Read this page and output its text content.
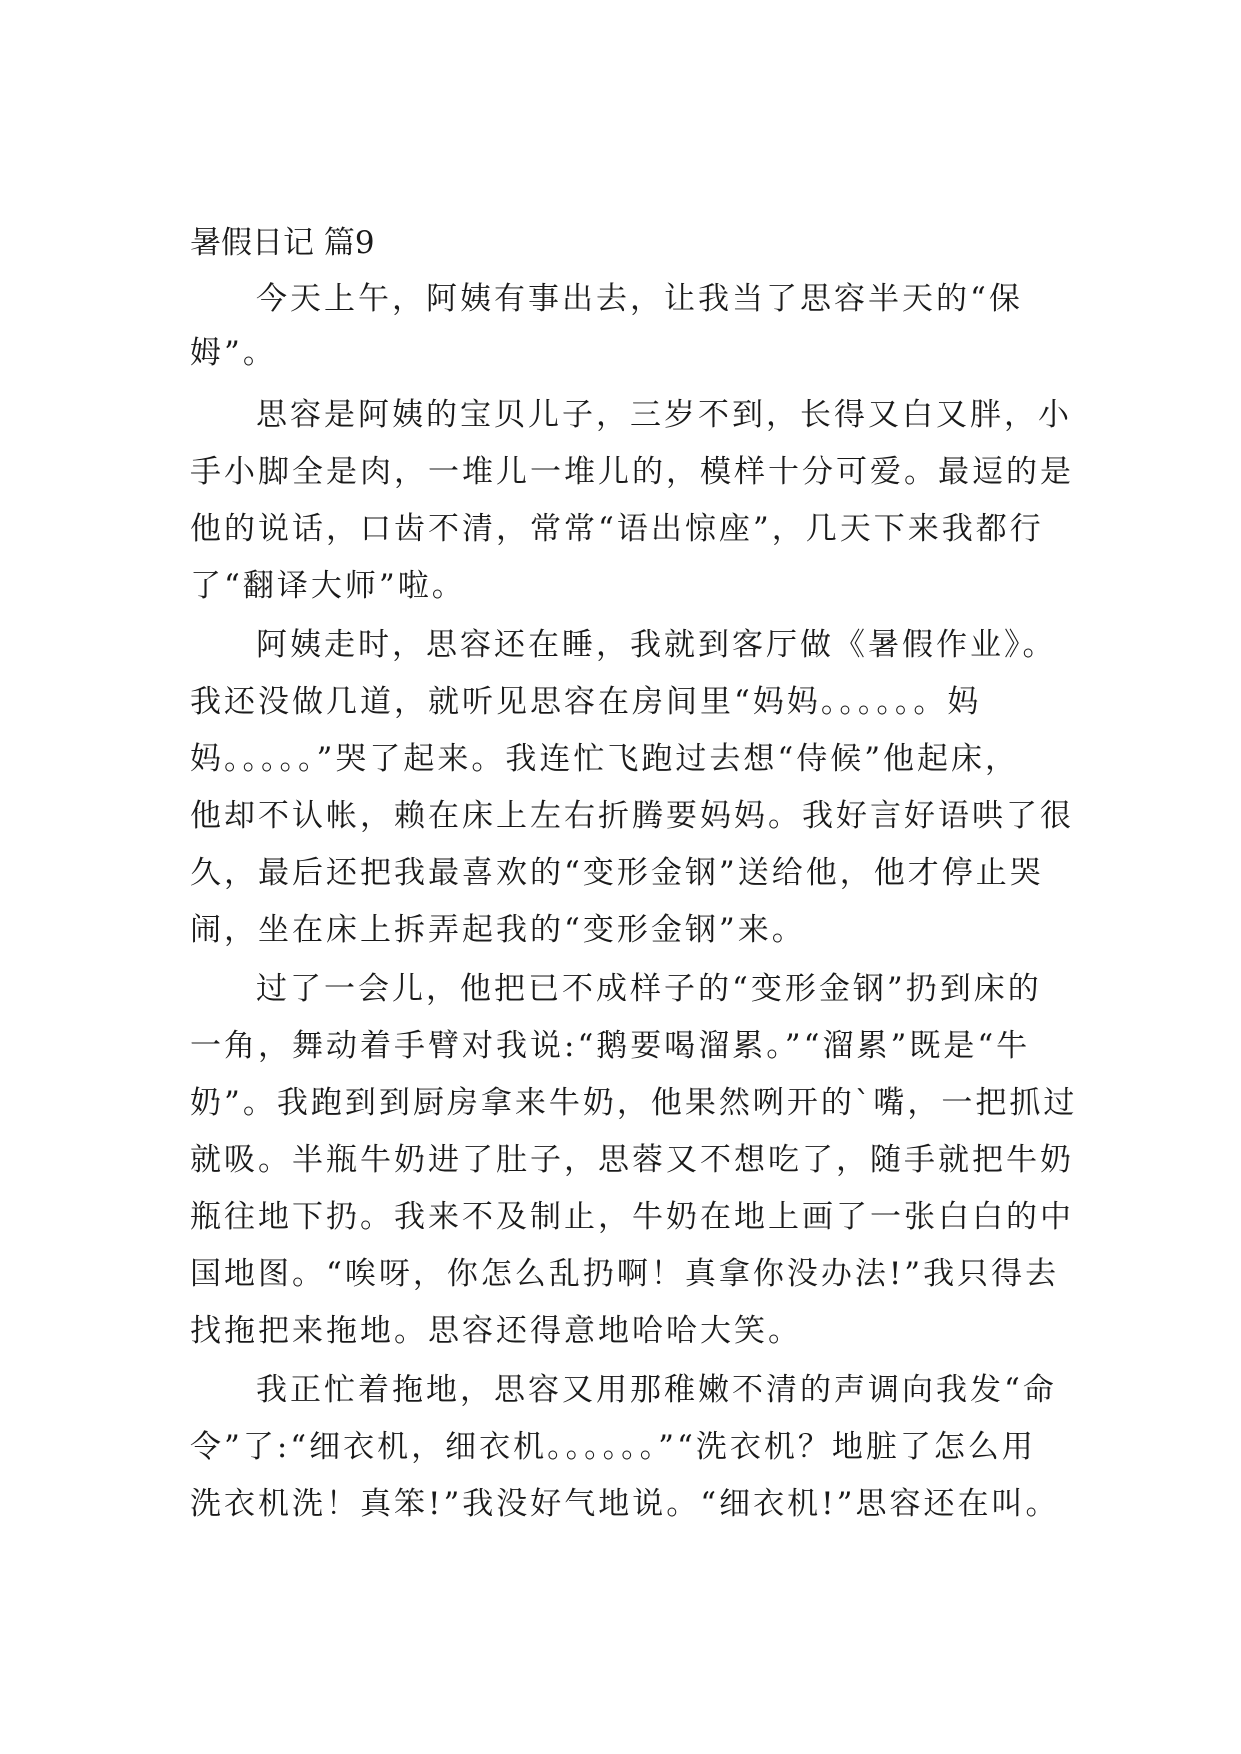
暑假日记 篇9
今天上午，阿姨有事出去，让我当了思容半天的“保
姆”。
思容是阿姨的宝贝儿子，三岁不到，长得又白又胖，小
手小脚全是肉，一堆儿一堆儿的，模样十分可爱。最逗的是
他的说话，口齿不清，常常“语出惊座”，几天下来我都行
了“翻译大师”啦。
阿姨走时，思容还在睡，我就到客厅做《暑假作业》。
我还没做几道，就听见思容在房间里“妈妈。。。。。。妈
妈。。。。。”哭了起来。我连忙飞跑过去想“侍候”他起床，
他却不认帐，赖在床上左右折腾要妈妈。我好言好语哄了很
久，最后还把我最喜欢的“变形金钢”送给他，他才停止哭
闹，坐在床上拆弄起我的“变形金钢”来。
过了一会儿，他把已不成样子的“变形金钢”扔到床的
一角，舞动着手臂对我说:“鹅要喝溜累。”“溜累”既是“牛
奶”。我跑到到厨房拿来牛奶，他果然咧开的`嘴，一把抓过
就吸。半瓶牛奶进了肚子，思蓉又不想吃了，随手就把牛奶
瓶往地下扔。我来不及制止，牛奶在地上画了一张白白的中
国地图。“唉呀，你怎么乱扔啊！真拿你没办法!”我只得去
找拖把来拖地。思容还得意地哈哈大笑。
我正忙着拖地，思容又用那稚嫩不清的声调向我发“命
令”了:“细衣机，细衣机。。。。。。”“洗衣机？地脏了怎么用
洗衣机洗！真笨!”我没好气地说。“细衣机!”思容还在叫。
